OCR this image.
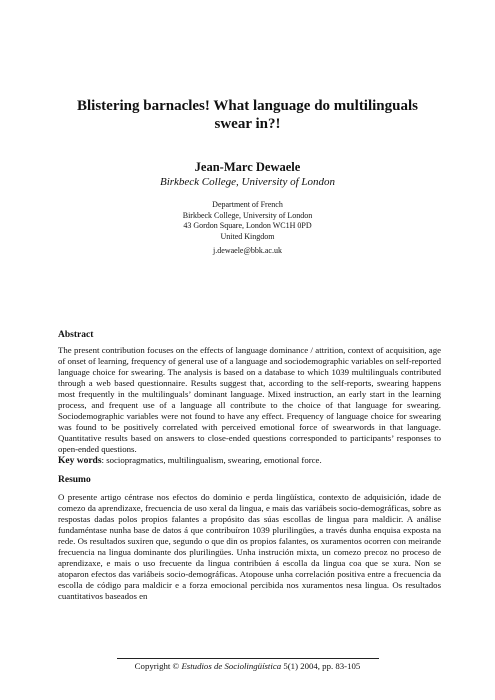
Blistering barnacles! What language do multilinguals
swear in?!
Jean-Marc Dewaele
Birkbeck College, University of London
Department of French
Birkbeck College, University of London
43 Gordon Square, London WC1H 0PD
United Kingdom
j.dewaele@bbk.ac.uk
Abstract
The present contribution focuses on the effects of language dominance / attrition, context of acquisition, age of onset of learning, frequency of general use of a language and sociodemographic variables on self-reported language choice for swearing. The analysis is based on a database to which 1039 multilinguals contributed through a web based questionnaire. Results suggest that, according to the self-reports, swearing happens most frequently in the multilinguals’ dominant language. Mixed instruction, an early start in the learning process, and frequent use of a language all contribute to the choice of that language for swearing. Sociodemographic variables were not found to have any effect. Frequency of language choice for swearing was found to be positively correlated with perceived emotional force of swearwords in that language. Quantitative results based on answers to close-ended questions corresponded to participants’ responses to open-ended questions.
Key words: sociopragmatics, multilingualism, swearing, emotional force.
Resumo
O presente artigo céntrase nos efectos do dominio e perda lingüística, contexto de adquisición, idade de comezo da aprendizaxe, frecuencia de uso xeral da lingua, e mais das variábeis socio-demográficas, sobre as respostas dadas polos propios falantes a propósito das súas escollas de lingua para maldicir. A análise fundaméntase nunha base de datos á que contribuíron 1039 plurilingües, a través dunha enquisa exposta na rede. Os resultados suxiren que, segundo o que din os propios falantes, os xuramentos ocorren con meirande frecuencia na lingua dominante dos plurilingües. Unha instrución mixta, un comezo precoz no proceso de aprendizaxe, e mais o uso frecuente da lingua contribúen á escolla da lingua coa que se xura. Non se atoparon efectos das variábeis socio-demográficas. Atopouse unha correlación positiva entre a frecuencia da escolla de código para maldicir e a forza emocional percibida nos xuramentos nesa lingua. Os resultados cuantitativos baseados en
Copyright © Estudios de Sociolingüística 5(1) 2004, pp. 83-105
